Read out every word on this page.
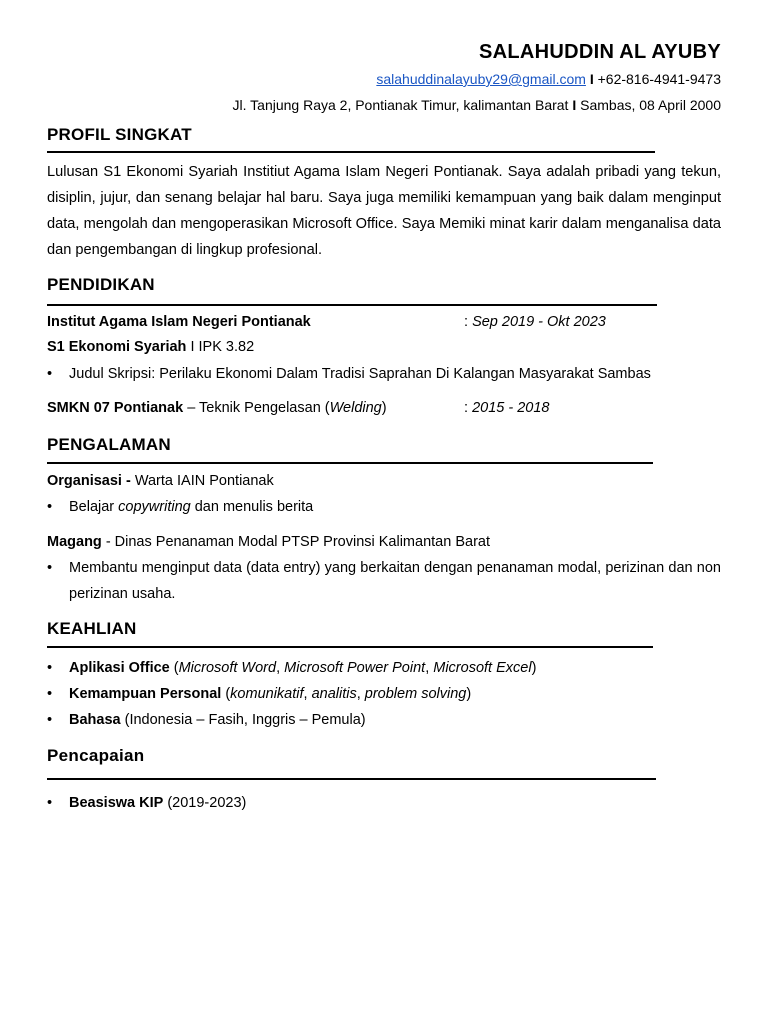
SALAHUDDIN AL AYUBY
salahuddinalayuby29@gmail.com I +62-816-4941-9473
Jl. Tanjung Raya 2, Pontianak Timur, kalimantan Barat I Sambas, 08 April 2000
PROFIL SINGKAT
Lulusan S1 Ekonomi Syariah Institiut Agama Islam Negeri Pontianak. Saya adalah pribadi yang tekun, disiplin, jujur, dan senang belajar hal baru. Saya juga memiliki kemampuan yang baik dalam menginput data, mengolah dan mengoperasikan Microsoft Office. Saya Memiki minat karir dalam menganalisa data dan pengembangan di lingkup profesional.
PENDIDIKAN
Institut Agama Islam Negeri Pontianak	: Sep 2019 - Okt 2023
S1 Ekonomi Syariah I IPK 3.82
• Judul Skripsi: Perilaku Ekonomi Dalam Tradisi Saprahan Di Kalangan Masyarakat Sambas
SMKN 07 Pontianak – Teknik Pengelasan (Welding)	: 2015 - 2018
PENGALAMAN
Organisasi - Warta IAIN Pontianak
• Belajar copywriting dan menulis berita
Magang - Dinas Penanaman Modal PTSP Provinsi Kalimantan Barat
• Membantu menginput data (data entry) yang berkaitan dengan penanaman modal, perizinan dan non perizinan usaha.
KEAHLIAN
• Aplikasi Office (Microsoft Word, Microsoft Power Point, Microsoft Excel)
• Kemampuan Personal (komunikatif, analitis, problem solving)
• Bahasa (Indonesia – Fasih, Inggris – Pemula)
Pencapaian
• Beasiswa KIP (2019-2023)
